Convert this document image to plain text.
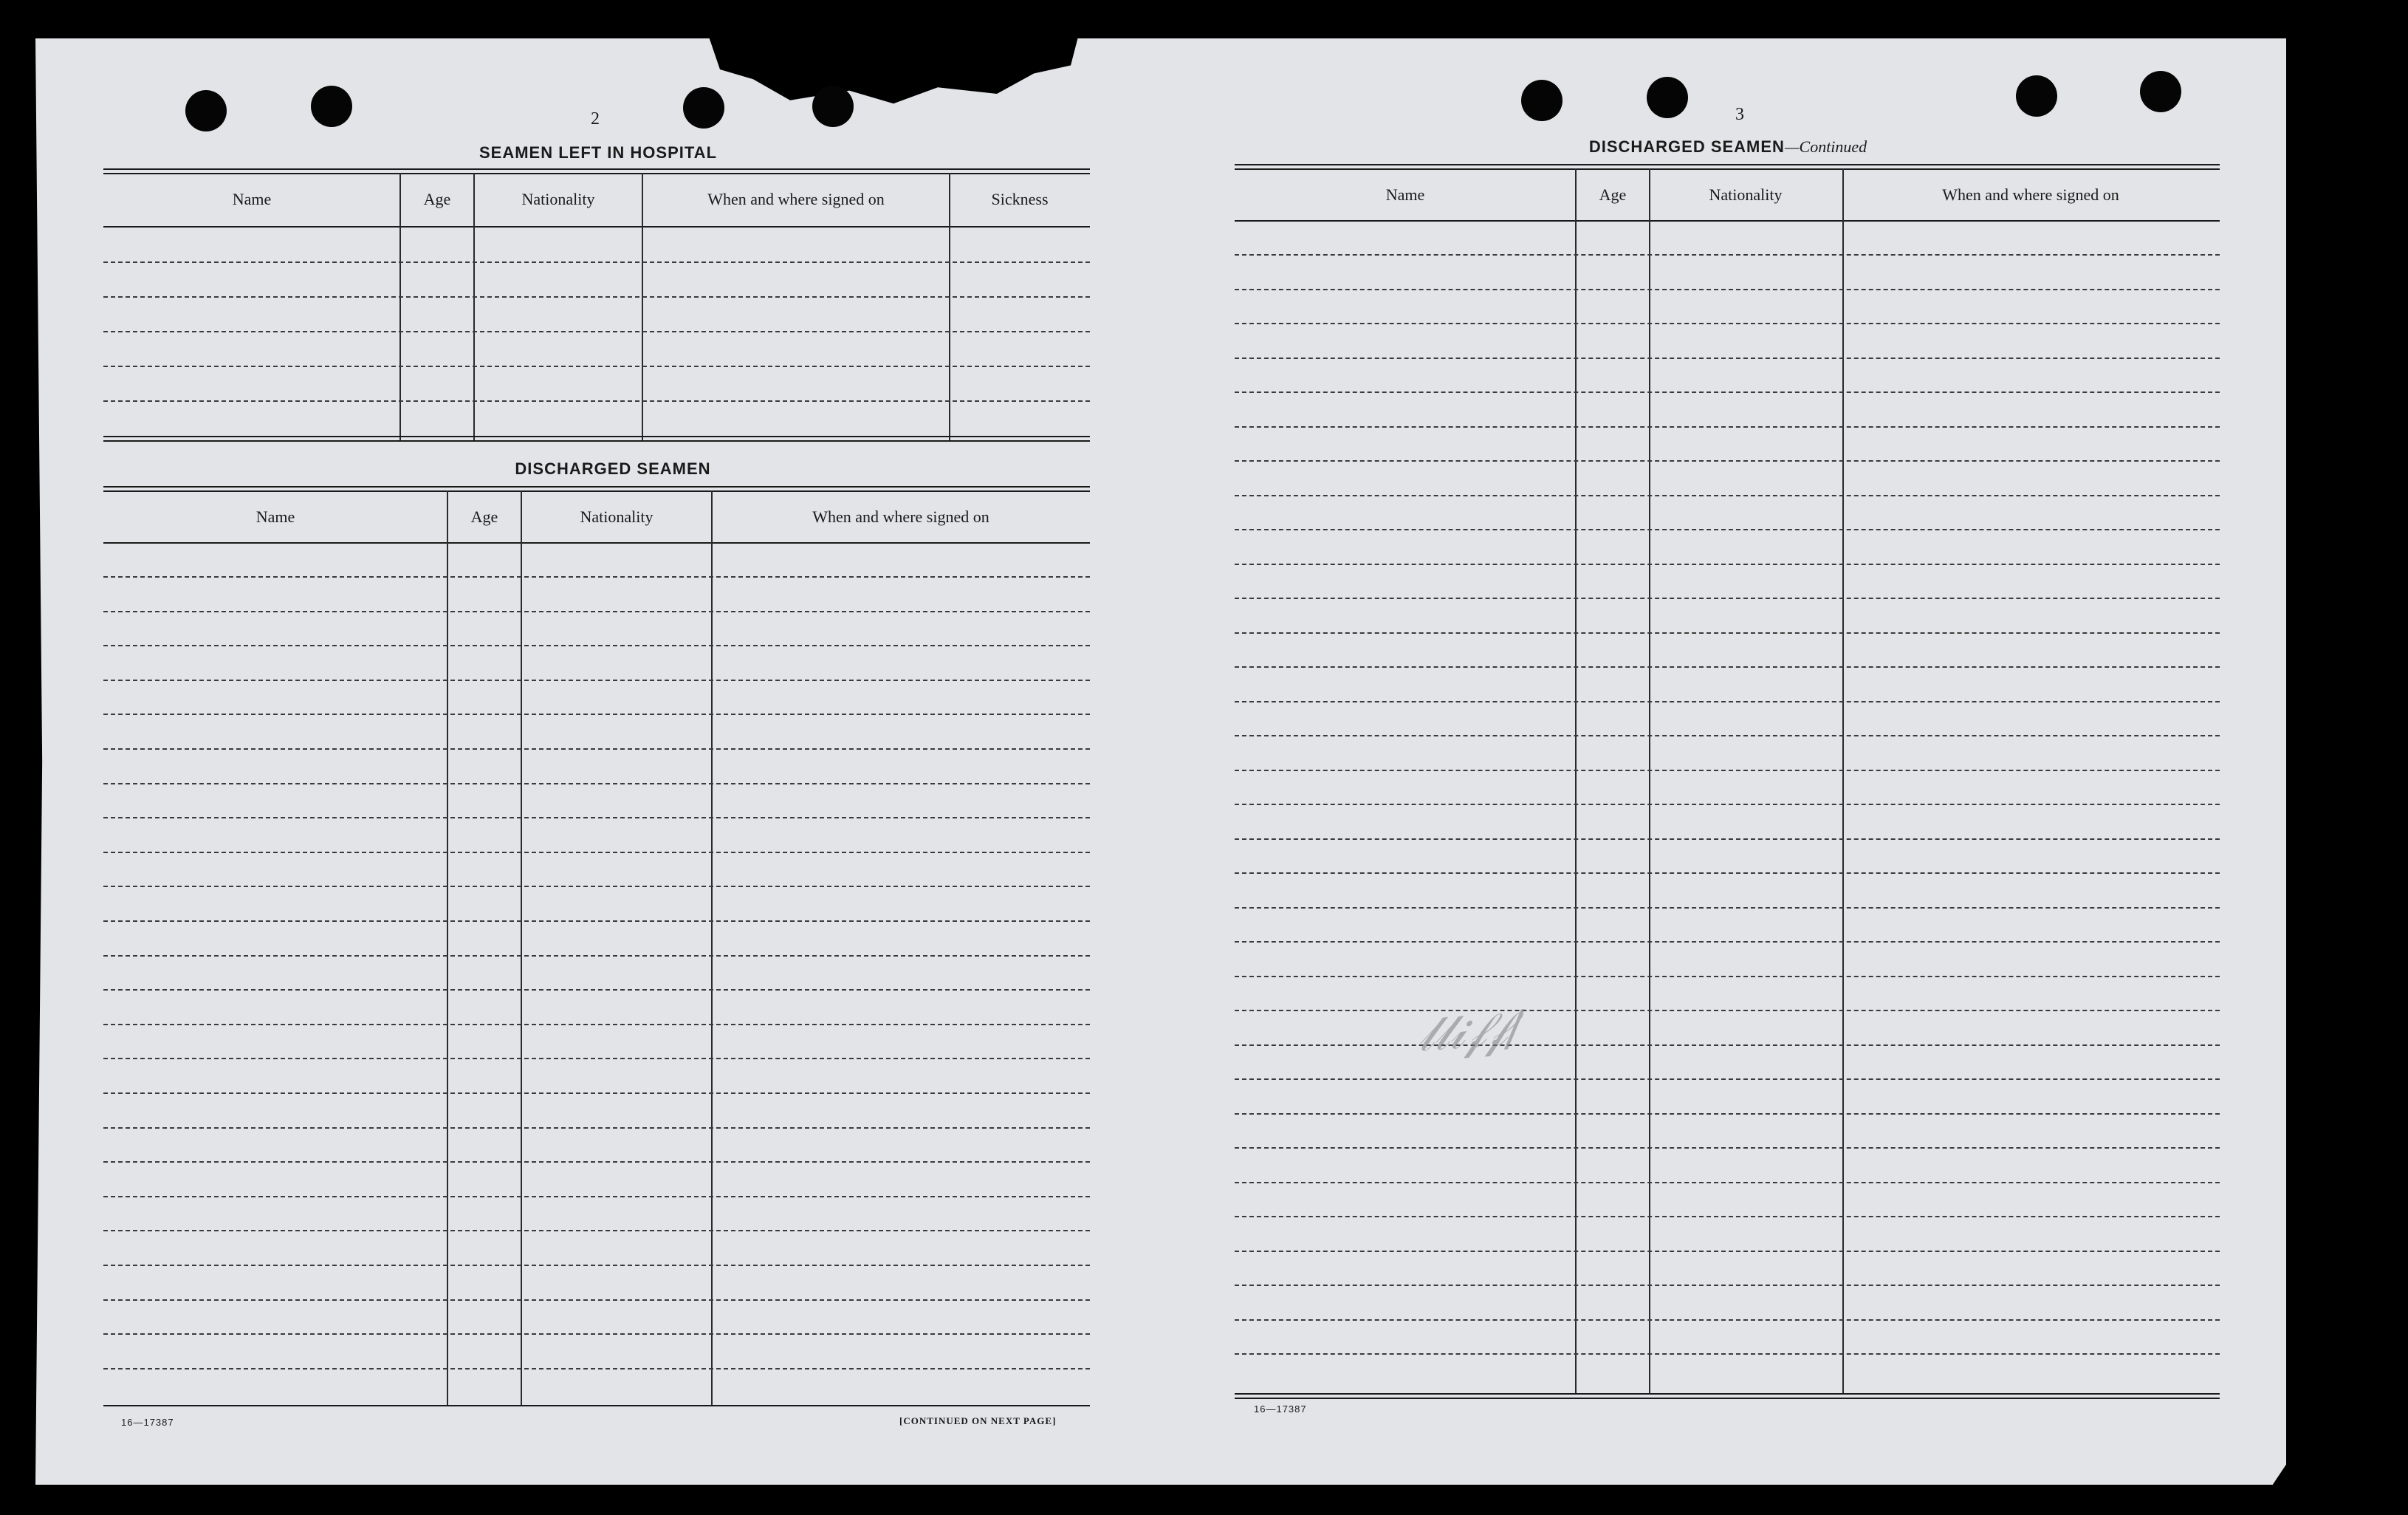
2
SEAMEN LEFT IN HOSPITAL
Name	Age	Nationality	When and where signed on	Sickness
DISCHARGED SEAMEN
Name	Age	Nationality	When and where signed on
16—17387	[CONTINUED ON NEXT PAGE]
3
DISCHARGED SEAMEN—Continued
Name	Age	Nationality	When and where signed on
16—17387
𝓁𝓁𝒾𝒻𝒻/
